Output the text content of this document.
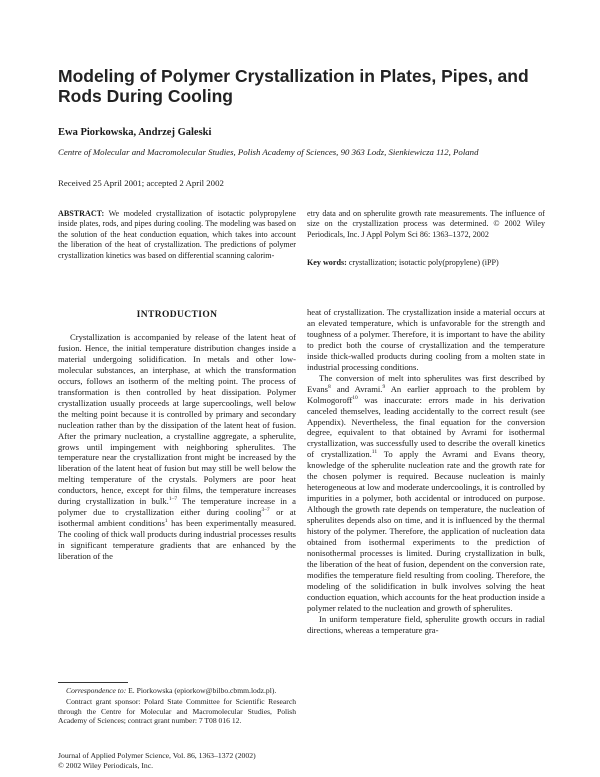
Modeling of Polymer Crystallization in Plates, Pipes, and Rods During Cooling
Ewa Piorkowska, Andrzej Galeski
Centre of Molecular and Macromolecular Studies, Polish Academy of Sciences, 90 363 Lodz, Sienkiewicza 112, Poland
Received 25 April 2001; accepted 2 April 2002
ABSTRACT: We modeled crystallization of isotactic polypropylene inside plates, rods, and pipes during cooling. The modeling was based on the solution of the heat conduction equation, which takes into account the liberation of the heat of crystallization. The predictions of polymer crystallization kinetics was based on differential scanning calorim-
etry data and on spherulite growth rate measurements. The influence of size on the crystallization process was determined. © 2002 Wiley Periodicals, Inc. J Appl Polym Sci 86: 1363–1372, 2002
Key words: crystallization; isotactic poly(propylene) (iPP)
INTRODUCTION

Crystallization is accompanied by release of the latent heat of fusion. Hence, the initial temperature distribution changes inside a material undergoing solidification. In metals and other low-molecular substances, an interphase, at which the transformation occurs, follows an isotherm of the melting point. The process of transformation is then controlled by heat dissipation. Polymer crystallization usually proceeds at large supercoolings, well below the melting point because it is controlled by primary and secondary nucleation rather than by the dissipation of the latent heat of fusion. After the primary nucleation, a crystalline aggregate, a spherulite, grows until impingement with neighboring spherulites. The temperature near the crystallization front might be increased by the liberation of the latent heat of fusion but may still be well below the melting temperature of the crystals. Polymers are poor heat conductors, hence, except for thin films, the temperature increases during crystallization in bulk.$^{1-7}$ The temperature increase in a polymer due to crystallization either during cooling$^{3-7}$ or at isothermal ambient conditions$^1$ has been experimentally measured. The cooling of thick wall products during industrial processes results in significant temperature gradients that are enhanced by the liberation of the

heat of crystallization. The crystallization inside a material occurs at an elevated temperature, which is unfavorable for the strength and toughness of a polymer. Therefore, it is important to have the ability to predict both the course of crystallization and the temperature inside thick-walled products during cooling from a molten state in industrial processing conditions.

The conversion of melt into spherulites was first described by Evans$^8$ and Avrami.$^9$ An earlier approach to the problem by Kolmogoroff$^{10}$ was inaccurate: errors made in his derivation canceled themselves, leading accidentally to the correct result (see Appendix). Nevertheless, the final equation for the conversion degree, equivalent to that obtained by Avrami for isothermal crystallization, was successfully used to describe the overall kinetics of crystallization.$^{11}$ To apply the Avrami and Evans theory, knowledge of the spherulite nucleation rate and the growth rate for the chosen polymer is required. Because nucleation is mainly heterogeneous at low and moderate undercoolings, it is controlled by impurities in a polymer, both accidental or introduced on purpose. Although the growth rate depends on temperature, the nucleation of spherulites depends also on time, and it is influenced by the thermal history of the polymer. Therefore, the application of nucleation data obtained from isothermal experiments to the prediction of nonisothermal processes is limited. During crystallization in bulk, the liberation of the heat of fusion, dependent on the conversion rate, modifies the temperature field resulting from cooling. Therefore, the modeling of the solidification in bulk involves solving the heat conduction equation, which accounts for the heat production inside a polymer related to the nucleation and growth of spherulites.

In uniform temperature field, spherulite growth occurs in radial directions, whereas a temperature gra-

Correspondence to: E. Piorkowska (epiorkow@bilbo.cbmm.lodz.pl).

Contract grant sponsor: Polard State Committee for Scientific Research through the Centre for Molecular and Macromolecular Studies, Polish Academy of Sciences; contract grant number: 7 T08 016 12.

Journal of Applied Polymer Science, Vol. 86, 1363–1372 (2002)
© 2002 Wiley Periodicals, Inc.
